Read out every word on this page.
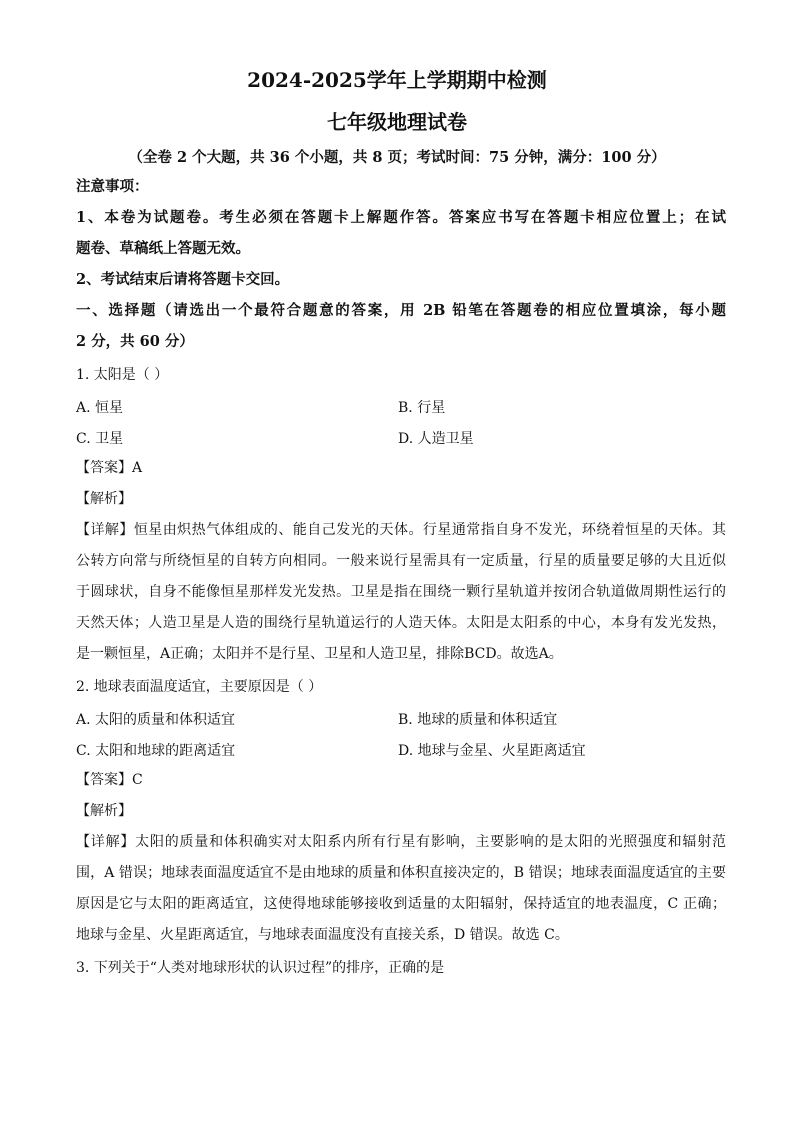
2024-2025学年上学期期中检测
七年级地理试卷
（全卷 2 个大题，共 36 个小题，共 8 页；考试时间：75 分钟，满分：100 分）
注意事项：
1、本卷为试题卷。考生必须在答题卡上解题作答。答案应书写在答题卡相应位置上；在试
题卷、草稿纸上答题无效。
2、考试结束后请将答题卡交回。
一、选择题（请选出一个最符合题意的答案，用 2B 铅笔在答题卷的相应位置填涂，每小题
2 分，共 60 分）
1. 太阳是（ ）
A. 恒星	B. 行星
C. 卫星	D. 人造卫星
【答案】A
【解析】
【详解】恒星由炽热气体组成的、能自己发光的天体。行星通常指自身不发光，环绕着恒星的天体。其
公转方向常与所绕恒星的自转方向相同。一般来说行星需具有一定质量，行星的质量要足够的大且近似
于圆球状，自身不能像恒星那样发光发热。卫星是指在围绕一颗行星轨道并按闭合轨道做周期性运行的
天然天体；人造卫星是人造的围绕行星轨道运行的人造天体。太阳是太阳系的中心，本身有发光发热，
是一颗恒星，A正确；太阳并不是行星、卫星和人造卫星，排除BCD。故选A。
2. 地球表面温度适宜，主要原因是（ ）
A. 太阳的质量和体积适宜	B. 地球的质量和体积适宜
C. 太阳和地球的距离适宜	D. 地球与金星、火星距离适宜
【答案】C
【解析】
【详解】太阳的质量和体积确实对太阳系内所有行星有影响，主要影响的是太阳的光照强度和辐射范
围，A 错误；地球表面温度适宜不是由地球的质量和体积直接决定的，B 错误；地球表面温度适宜的主要
原因是它与太阳的距离适宜，这使得地球能够接收到适量的太阳辐射，保持适宜的地表温度，C 正确；
地球与金星、火星距离适宜，与地球表面温度没有直接关系，D 错误。故选 C。
3. 下列关于“人类对地球形状的认识过程”的排序，正确的是
